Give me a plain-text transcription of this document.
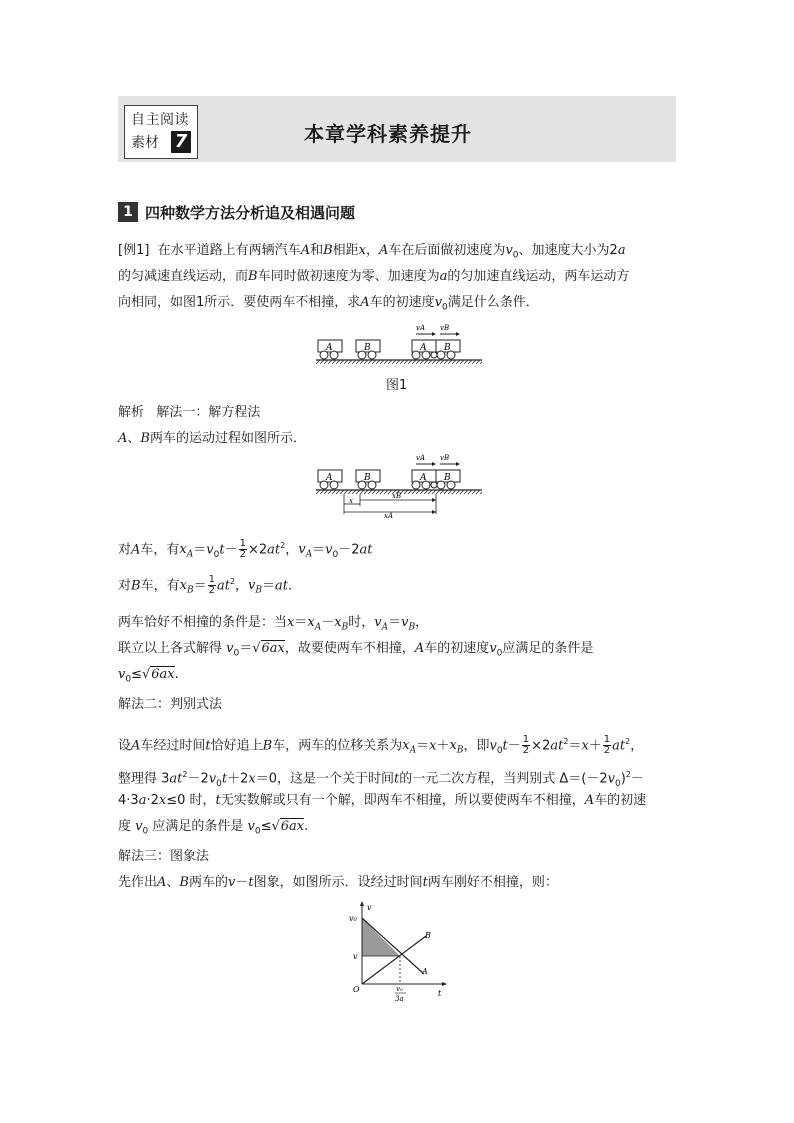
自主阅读
素材 7	本章学科素养提升
1 四种数学方法分析追及相遇问题
[例1]  在水平道路上有两辆汽车A和B相距x，A车在后面做初速度为$v_0$、加速度大小为2a
的匀减速直线运动，而B车同时做初速度为零、加速度为a的匀加速直线运动，两车运动方
向相同，如图1所示．要使两车不相撞，求A车的初速度$v_0$满足什么条件．
A	B	A B
vA vB
图1
解析 解法一：解方程法
A、B两车的运动过程如图所示．
A	B	A B
vA vB
x
xB
xA
对A车，有$x_A=v_0t- \frac{1}{2} \times 2at^2$，$v_A=v_0-2at$
对B车，有$x_B= \frac{1}{2} at^2$，$v_B=at$.
两车恰好不相撞的条件是：当$x=x_A-x_B$时，$v_A=v_B$，
联立以上各式解得 $v_0=√6ax$，故要使两车不相撞，A车的初速度$v_0$应满足的条件是
$v_0\le√6ax$.
解法二：判别式法
设A车经过时间t恰好追上B车，两车的位移关系为$x_A=x+x_B$，即$v_0t- \frac{1}{2} \times 2at^2=x+ \frac{1}{2} at^2$，
整理得 $3at^2-2v_0t+2x=0$，这是一个关于时间t的一元二次方程，当判别式 $\Delta=(-2v_0)^2-$
4·3a·2x≤0 时，t无实数解或只有一个解，即两车不相撞，所以要使两车不相撞，A车的初速
度 $v_0$ 应满足的条件是 $v_0\le√6ax$.
解法三：图象法
先作出A、B两车的v－t图象，如图所示．设经过时间t两车刚好不相撞，则：
v
t
v₀
v
O
B
A
v₀
3a
